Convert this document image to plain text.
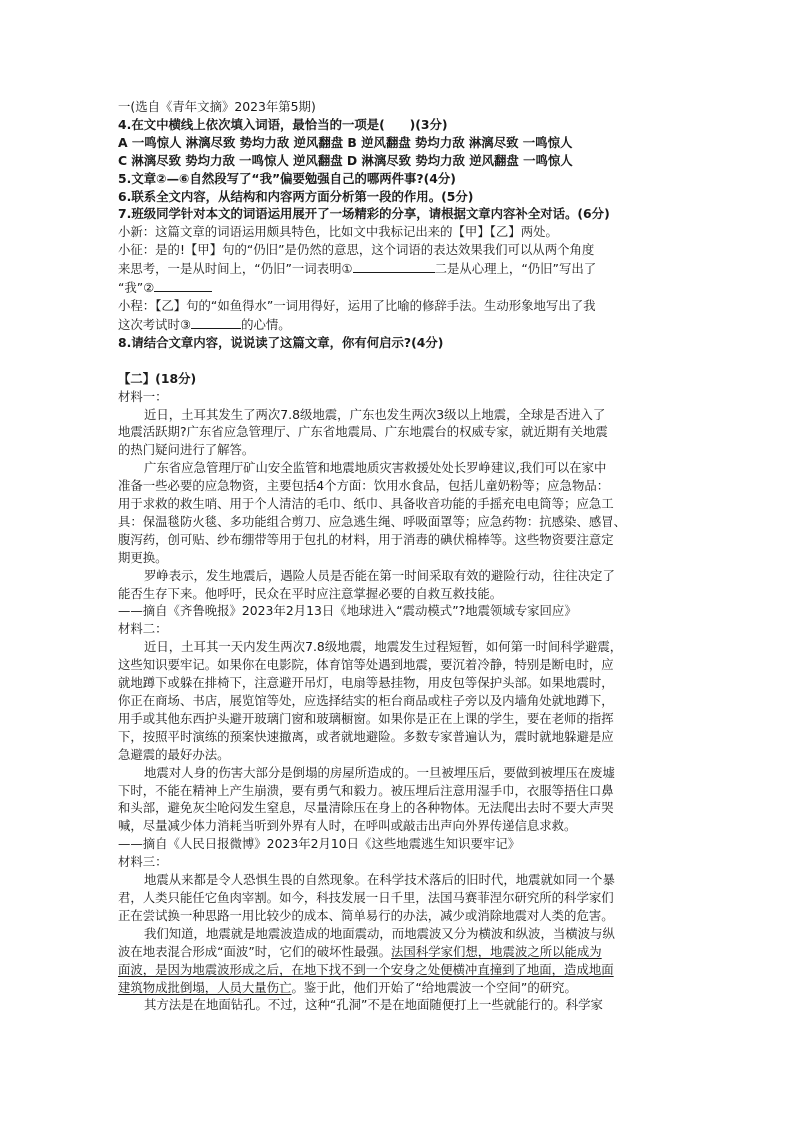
一(选自《青年文摘》2023年第5期)
4.在文中横线上依次填入词语，最恰当的一项是(　　)(3分)
A 一鸣惊人 淋漓尽致 势均力敌 逆风翻盘 B 逆风翻盘 势均力敌 淋漓尽致 一鸣惊人
C 淋漓尽致 势均力敌 一鸣惊人 逆风翻盘 D 淋漓尽致 势均力敌 逆风翻盘 一鸣惊人
5.文章②—⑥自然段写了“我”偏要勉强自己的哪两件事?(4分)
6.联系全文内容，从结构和内容两方面分析第一段的作用。(5分)
7.班级同学针对本文的词语运用展开了一场精彩的分享，请根据文章内容补全对话。(6分)
小新：这篇文章的词语运用颇具特色，比如文中我标记出来的【甲】【乙】两处。
小征：是的!【甲】句的“仍旧”是仍然的意思，这个词语的表达效果我们可以从两个角度
来思考，一是从时间上，“仍旧”一词表明①	二是从心理上，“仍旧”写出了
“我”②
小程：【乙】句的“如鱼得水”一词用得好，运用了比喻的修辞手法。生动形象地写出了我
这次考试时③	的心情。
8.请结合文章内容，说说读了这篇文章，你有何启示?(4分)
【二】(18分)
材料一：
近日，土耳其发生了两次7.8级地震，广东也发生两次3级以上地震，全球是否进入了
地震活跃期?广东省应急管理厅、广东省地震局、广东地震台的权威专家，就近期有关地震
的热门疑问进行了解答。
广东省应急管理厅矿山安全监管和地震地质灾害救援处处长罗峥建议,我们可以在家中
准备一些必要的应急物资，主要包括4个方面：饮用水食品，包括儿童奶粉等；应急物品：
用于求救的救生哨、用于个人清洁的毛巾、纸巾、具备收音功能的手摇充电电筒等；应急工
具：保温毯防火毯、多功能组合剪刀、应急逃生绳、呼吸面罩等；应急药物：抗感染、感冒、
腹泻药，创可贴、纱布绷带等用于包扎的材料，用于消毒的碘伏棉棒等。这些物资要注意定
期更换。
罗峥表示，发生地震后，遇险人员是否能在第一时间采取有效的避险行动，往往决定了
能否生存下来。他呼吁，民众在平时应注意掌握必要的自救互救技能。
——摘自《齐鲁晚报》2023年2月13日《地球进入“震动模式”?地震领域专家回应》
材料二：
近日，土耳其一天内发生两次7.8级地震，地震发生过程短暂，如何第一时间科学避震，
这些知识要牢记。如果你在电影院，体育馆等处遇到地震，要沉着冷静，特别是断电时，应
就地蹲下或躲在排椅下，注意避开吊灯，电扇等悬挂物，用皮包等保护头部。如果地震时，
你正在商场、书店，展览馆等处，应选择结实的柜台商品或柱子旁以及内墙角处就地蹲下，
用手或其他东西护头避开玻璃门窗和玻璃橱窗。如果你是正在上课的学生，要在老师的指挥
下，按照平时演练的预案快速撤离，或者就地避险。多数专家普遍认为，震时就地躲避是应
急避震的最好办法。
地震对人身的伤害大部分是倒塌的房屋所造成的。一旦被埋压后，要做到被埋压在废墟
下时，不能在精神上产生崩溃，要有勇气和毅力。被压埋后注意用湿手巾，衣服等捂住口鼻
和头部，避免灰尘呛闷发生窒息，尽量清除压在身上的各种物体。无法爬出去时不要大声哭
喊，尽量减少体力消耗当听到外界有人时，在呼叫或敲击出声向外界传递信息求救。
——摘自《人民日报微博》2023年2月10日《这些地震逃生知识要牢记》
材料三：
地震从来都是令人恐惧生畏的自然现象。在科学技术落后的旧时代，地震就如同一个暴
君，人类只能任它鱼肉宰割。如今，科技发展一日千里，法国马赛菲涅尔研究所的科学家们
正在尝试换一种思路一用比较少的成本、简单易行的办法，减少或消除地震对人类的危害。
我们知道，地震就是地震波造成的地面震动，而地震波又分为横波和纵波，当横波与纵
波在地表混合形成“面波”时，它们的破坏性最强。法国科学家们想，地震波之所以能成为
面波，是因为地震波形成之后，在地下找不到一个安身之处便横冲直撞到了地面，造成地面
建筑物成批倒塌，人员大量伤亡。鉴于此，他们开始了“给地震波一个空间”的研究。
其方法是在地面钻孔。不过，这种“孔洞”不是在地面随便打上一些就能行的。科学家
